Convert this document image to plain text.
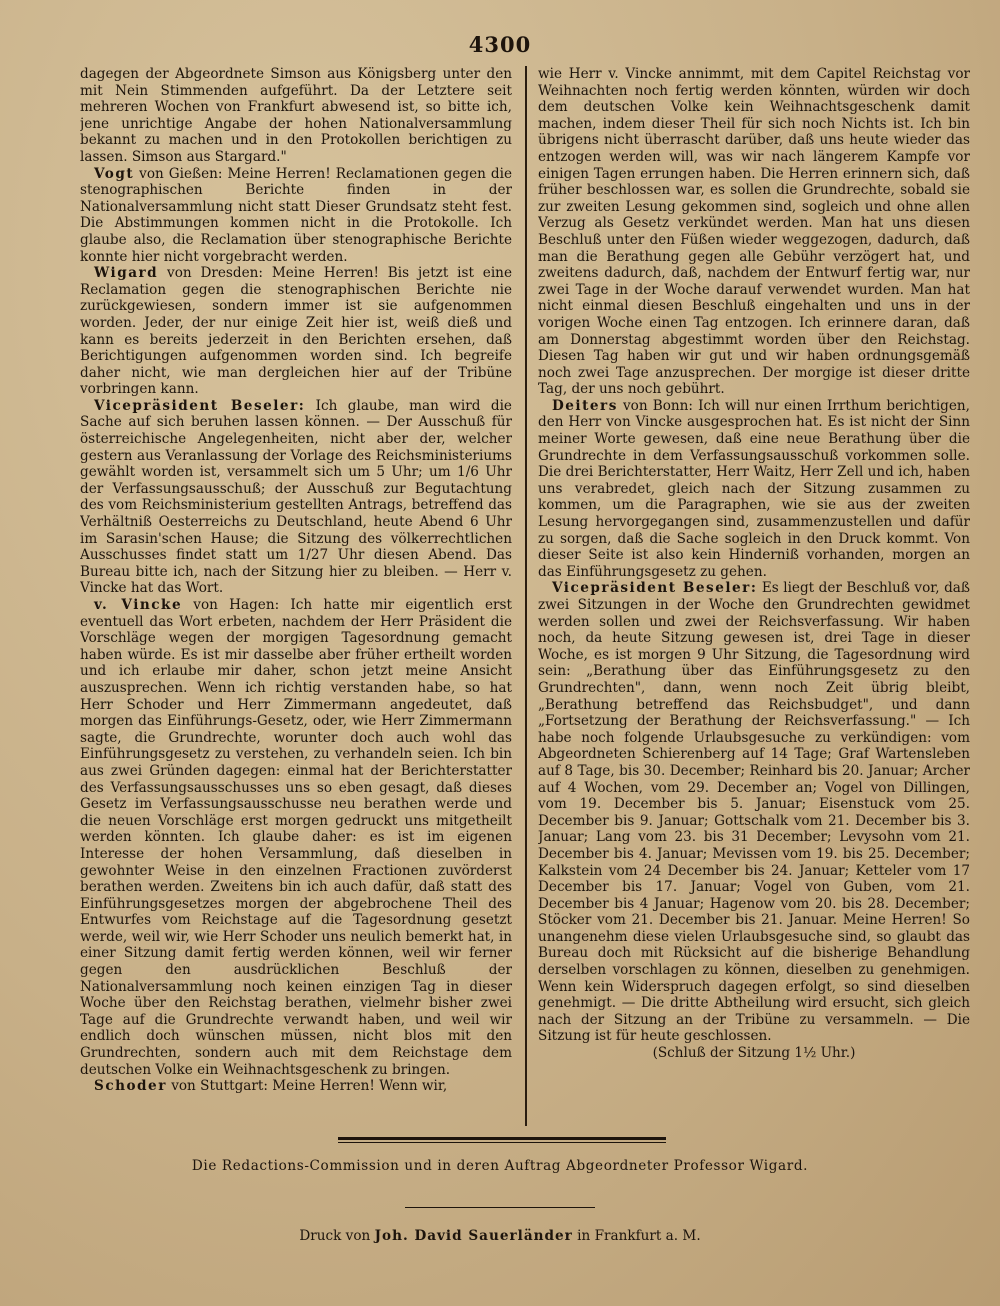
4300

dagegen der Abgeordnete Simson aus Königsberg unter den mit Nein Stimmenden aufgeführt. Da der Letztere seit mehreren Wochen von Frankfurt abwesend ist, so bitte ich, jene unrichtige Angabe der hohen Nationalversammlung bekannt zu machen und in den Protokollen berichtigen zu lassen. Simson aus Stargard."

Vogt von Gießen: Meine Herren! Reclamationen gegen die stenographischen Berichte finden in der Nationalversammlung nicht statt Dieser Grundsatz steht fest. Die Abstimmungen kommen nicht in die Protokolle. Ich glaube also, die Reclamation über stenographische Berichte konnte hier nicht vorgebracht werden.

Wigard von Dresden: Meine Herren! Bis jetzt ist eine Reclamation gegen die stenographischen Berichte nie zurückgewiesen, sondern immer ist sie aufgenommen worden. Jeder, der nur einige Zeit hier ist, weiß dieß und kann es bereits jederzeit in den Berichten ersehen, daß Berichtigungen aufgenommen worden sind. Ich begreife daher nicht, wie man dergleichen hier auf der Tribüne vorbringen kann.

Vicepräsident Beseler: Ich glaube, man wird die Sache auf sich beruhen lassen können. — Der Ausschuß für österreichische Angelegenheiten, nicht aber der, welcher gestern aus Veranlassung der Vorlage des Reichsministeriums gewählt worden ist, versammelt sich um 5 Uhr; um 1/6 Uhr der Verfassungsausschuß; der Ausschuß zur Begutachtung des vom Reichsministerium gestellten Antrags, betreffend das Verhältniß Oesterreichs zu Deutschland, heute Abend 6 Uhr im Sarasin'schen Hause; die Sitzung des völkerrechtlichen Ausschusses findet statt um 1/27 Uhr diesen Abend. Das Bureau bitte ich, nach der Sitzung hier zu bleiben. — Herr v. Vincke hat das Wort.

v. Vincke von Hagen: Ich hatte mir eigentlich erst eventuell das Wort erbeten, nachdem der Herr Präsident die Vorschläge wegen der morgigen Tagesordnung gemacht haben würde. Es ist mir dasselbe aber früher ertheilt worden und ich erlaube mir daher, schon jetzt meine Ansicht auszusprechen. Wenn ich richtig verstanden habe, so hat Herr Schoder und Herr Zimmermann angedeutet, daß morgen das Einführungs-Gesetz, oder, wie Herr Zimmermann sagte, die Grundrechte, worunter doch auch wohl das Einführungsgesetz zu verstehen, zu verhandeln seien. Ich bin aus zwei Gründen dagegen: einmal hat der Berichterstatter des Verfassungsausschusses uns so eben gesagt, daß dieses Gesetz im Verfassungsausschusse neu berathen werde und die neuen Vorschläge erst morgen gedruckt uns mitgetheilt werden könnten. Ich glaube daher: es ist im eigenen Interesse der hohen Versammlung, daß dieselben in gewohnter Weise in den einzelnen Fractionen zuvörderst berathen werden. Zweitens bin ich auch dafür, daß statt des Einführungsgesetzes morgen der abgebrochene Theil des Entwurfes vom Reichstage auf die Tagesordnung gesetzt werde, weil wir, wie Herr Schoder uns neulich bemerkt hat, in einer Sitzung damit fertig werden können, weil wir ferner gegen den ausdrücklichen Beschluß der Nationalversammlung noch keinen einzigen Tag in dieser Woche über den Reichstag berathen, vielmehr bisher zwei Tage auf die Grundrechte verwandt haben, und weil wir endlich doch wünschen müssen, nicht blos mit den Grundrechten, sondern auch mit dem Reichstage dem deutschen Volke ein Weihnachtsgeschenk zu bringen.

Schoder von Stuttgart: Meine Herren! Wenn wir,

wie Herr v. Vincke annimmt, mit dem Capitel Reichstag vor Weihnachten noch fertig werden könnten, würden wir doch dem deutschen Volke kein Weihnachtsgeschenk damit machen, indem dieser Theil für sich noch Nichts ist. Ich bin übrigens nicht überrascht darüber, daß uns heute wieder das entzogen werden will, was wir nach längerem Kampfe vor einigen Tagen errungen haben. Die Herren erinnern sich, daß früher beschlossen war, es sollen die Grundrechte, sobald sie zur zweiten Lesung gekommen sind, sogleich und ohne allen Verzug als Gesetz verkündet werden. Man hat uns diesen Beschluß unter den Füßen wieder weggezogen, dadurch, daß man die Berathung gegen alle Gebühr verzögert hat, und zweitens dadurch, daß, nachdem der Entwurf fertig war, nur zwei Tage in der Woche darauf verwendet wurden. Man hat nicht einmal diesen Beschluß eingehalten und uns in der vorigen Woche einen Tag entzogen. Ich erinnere daran, daß am Donnerstag abgestimmt worden über den Reichstag. Diesen Tag haben wir gut und wir haben ordnungsgemäß noch zwei Tage anzusprechen. Der morgige ist dieser dritte Tag, der uns noch gebührt.

Deiters von Bonn: Ich will nur einen Irrthum berichtigen, den Herr von Vincke ausgesprochen hat. Es ist nicht der Sinn meiner Worte gewesen, daß eine neue Berathung über die Grundrechte in dem Verfassungsausschuß vorkommen solle. Die drei Berichterstatter, Herr Waitz, Herr Zell und ich, haben uns verabredet, gleich nach der Sitzung zusammen zu kommen, um die Paragraphen, wie sie aus der zweiten Lesung hervorgegangen sind, zusammenzustellen und dafür zu sorgen, daß die Sache sogleich in den Druck kommt. Von dieser Seite ist also kein Hinderniß vorhanden, morgen an das Einführungsgesetz zu gehen.

Vicepräsident Beseler: Es liegt der Beschluß vor, daß zwei Sitzungen in der Woche den Grundrechten gewidmet werden sollen und zwei der Reichsverfassung. Wir haben noch, da heute Sitzung gewesen ist, drei Tage in dieser Woche, es ist morgen 9 Uhr Sitzung, die Tagesordnung wird sein: „Berathung über das Einführungsgesetz zu den Grundrechten", dann, wenn noch Zeit übrig bleibt, „Berathung betreffend das Reichsbudget", und dann „Fortsetzung der Berathung der Reichsverfassung." — Ich habe noch folgende Urlaubsgesuche zu verkündigen: vom Abgeordneten Schierenberg auf 14 Tage; Graf Wartensleben auf 8 Tage, bis 30. December; Reinhard bis 20. Januar; Archer auf 4 Wochen, vom 29. December an; Vogel von Dillingen, vom 19. December bis 5. Januar; Eisenstuck vom 25. December bis 9. Januar; Gottschalk vom 21. December bis 3. Januar; Lang vom 23. bis 31 December; Levysohn vom 21. December bis 4. Januar; Mevissen vom 19. bis 25. December; Kalkstein vom 24 December bis 24. Januar; Ketteler vom 17 December bis 17. Januar; Vogel von Guben, vom 21. December bis 4 Januar; Hagenow vom 20. bis 28. December; Stöcker vom 21. December bis 21. Januar. Meine Herren! So unangenehm diese vielen Urlaubsgesuche sind, so glaubt das Bureau doch mit Rücksicht auf die bisherige Behandlung derselben vorschlagen zu können, dieselben zu genehmigen. Wenn kein Widerspruch dagegen erfolgt, so sind dieselben genehmigt. — Die dritte Abtheilung wird ersucht, sich gleich nach der Sitzung an der Tribüne zu versammeln. — Die Sitzung ist für heute geschlossen.

(Schluß der Sitzung 1½ Uhr.)

Die Redactions-Commission und in deren Auftrag Abgeordneter Professor Wigard.
Druck von Joh. David Sauerländer in Frankfurt a. M.
